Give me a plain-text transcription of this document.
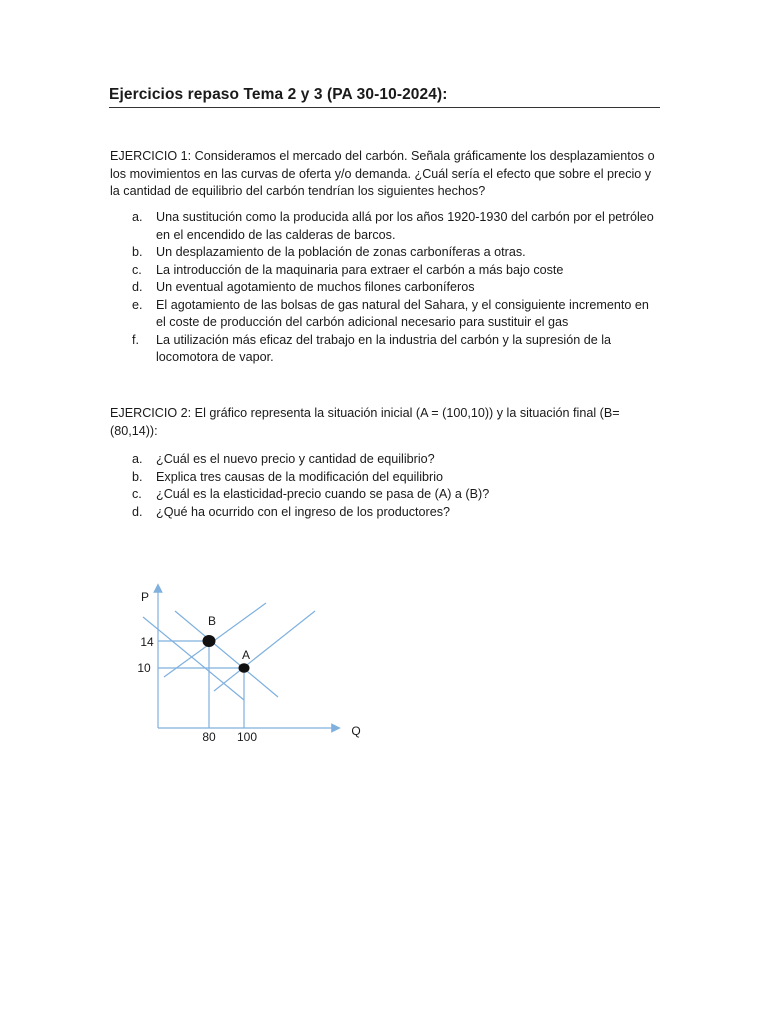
Ejercicios repaso Tema 2 y 3 (PA 30-10-2024):
EJERCICIO 1: Consideramos el mercado del carbón. Señala gráficamente los desplazamientos o los movimientos en las curvas de oferta y/o demanda. ¿Cuál sería el efecto que sobre el precio y la cantidad de equilibrio del carbón tendrían los siguientes hechos?
a. Una sustitución como la producida allá por los años 1920-1930 del carbón por el petróleo en el encendido de las calderas de barcos.
b. Un desplazamiento de la población de zonas carboníferas a otras.
c. La introducción de la maquinaria para extraer el carbón a más bajo coste
d. Un eventual agotamiento de muchos filones carboníferos
e. El agotamiento de las bolsas de gas natural del Sahara, y el consiguiente incremento en el coste de producción del carbón adicional necesario para sustituir el gas
f. La utilización más eficaz del trabajo en la industria del carbón y la supresión de la locomotora de vapor.
EJERCICIO 2: El gráfico representa la situación inicial (A = (100,10)) y la situación final (B=(80,14)):
a. ¿Cuál es el nuevo precio y cantidad de equilibrio?
b. Explica tres causas de la modificación del equilibrio
c. ¿Cuál es la elasticidad-precio cuando se pasa de (A) a (B)?
d. ¿Qué ha ocurrido con el ingreso de los productores?
P
Q
80 100
14
10
B
A
